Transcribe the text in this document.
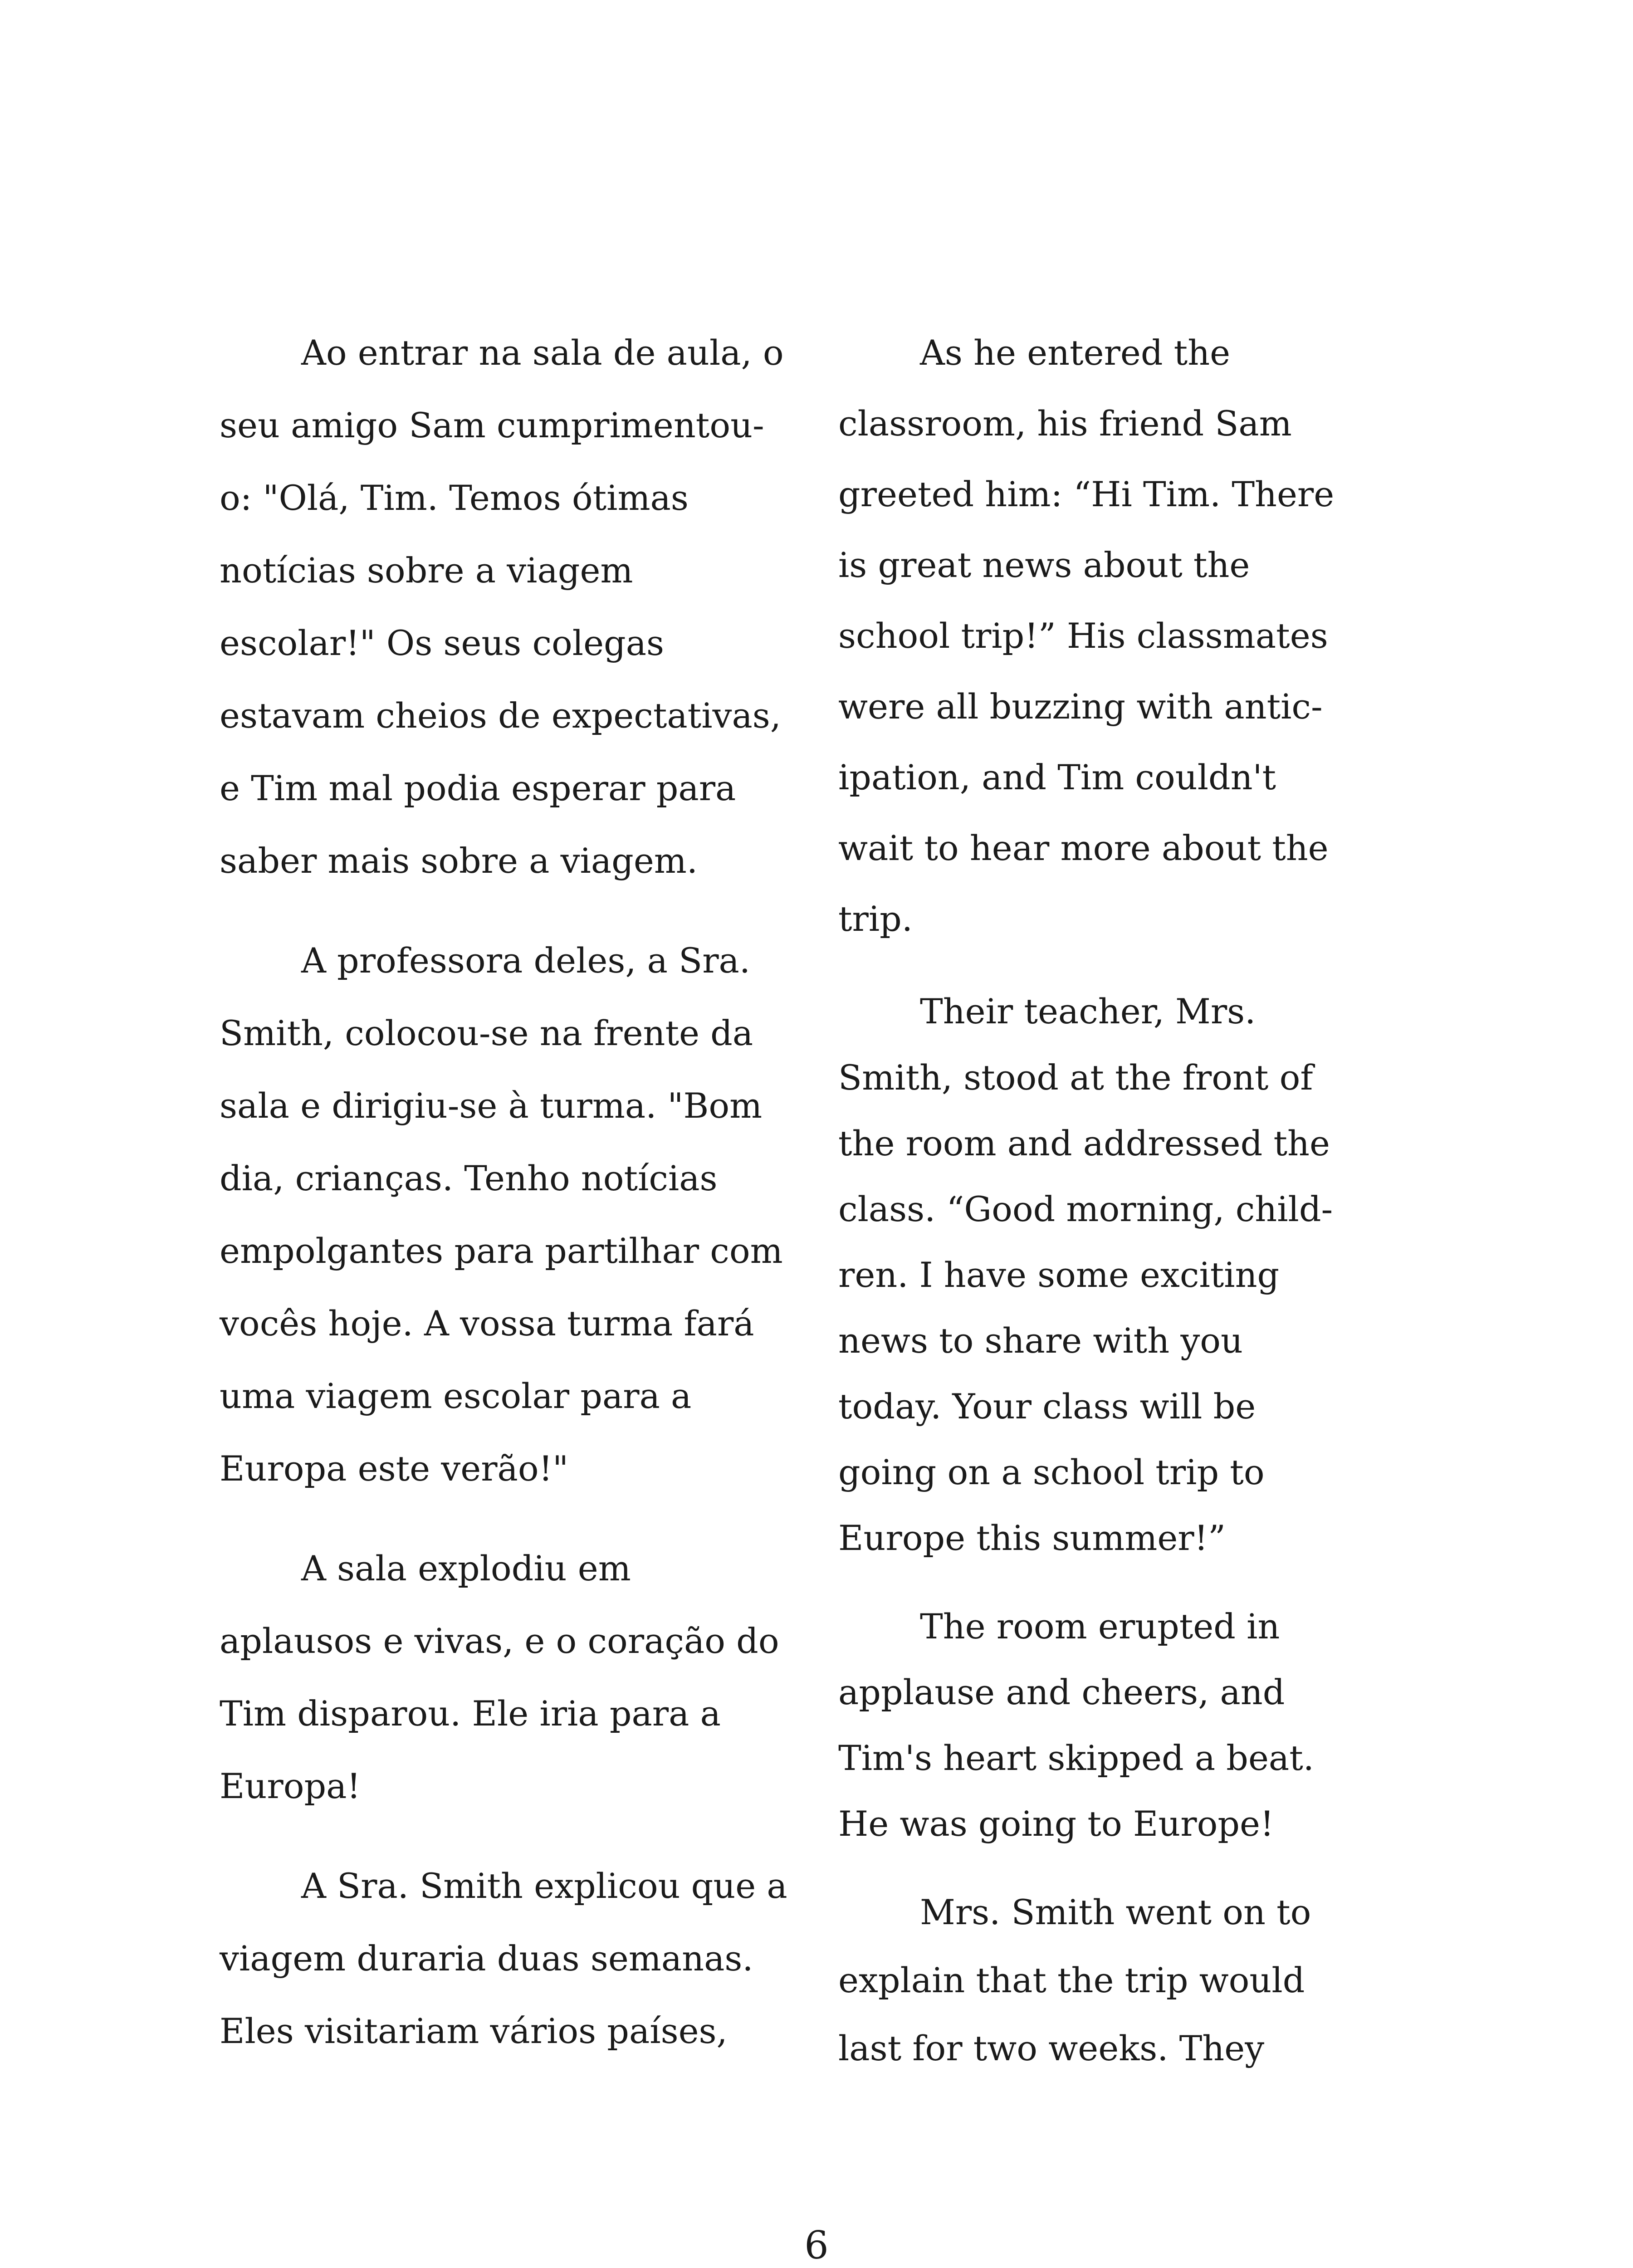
Ao entrar na sala de aula, o
seu amigo Sam cumprimentou-
o: "Olá, Tim. Temos ótimas
notícias sobre a viagem
escolar!" Os seus colegas
estavam cheios de expectativas,
e Tim mal podia esperar para
saber mais sobre a viagem.
A professora deles, a Sra.
Smith, colocou-se na frente da
sala e dirigiu-se à turma. "Bom
dia, crianças. Tenho notícias
empolgantes para partilhar com
vocês hoje. A vossa turma fará
uma viagem escolar para a
Europa este verão!"
A sala explodiu em
aplausos e vivas, e o coração do
Tim disparou. Ele iria para a
Europa!
A Sra. Smith explicou que a
viagem duraria duas semanas.
Eles visitariam vários países,
As he entered the
classroom, his friend Sam
greeted him: “Hi Tim. There
is great news about the
school trip!” His classmates
were all buzzing with antic-
ipation, and Tim couldn't
wait to hear more about the
trip.
Their teacher, Mrs.
Smith, stood at the front of
the room and addressed the
class. “Good morning, child-
ren. I have some exciting
news to share with you
today. Your class will be
going on a school trip to
Europe this summer!”
The room erupted in
applause and cheers, and
Tim's heart skipped a beat.
He was going to Europe!
Mrs. Smith went on to
explain that the trip would
last for two weeks. They
6
